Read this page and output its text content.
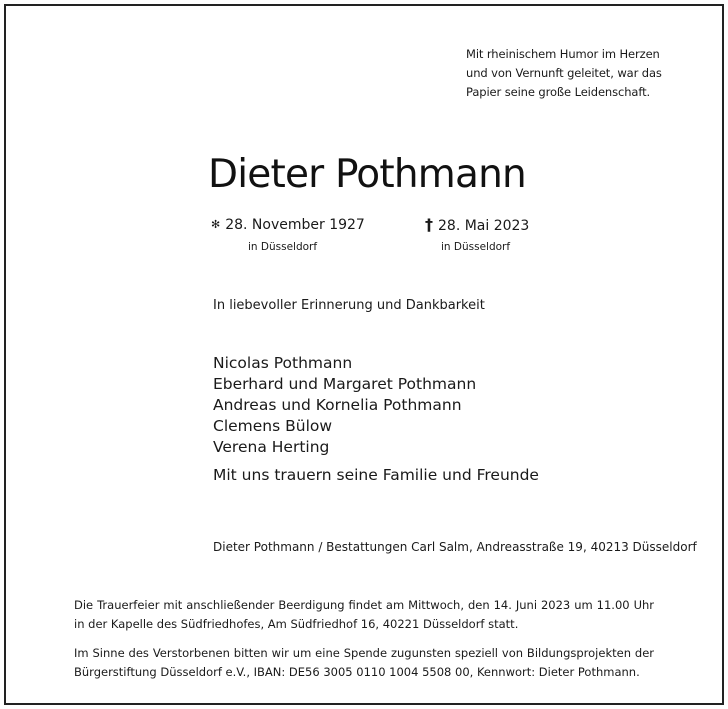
Mit rheinischem Humor im Herzen
und von Vernunft geleitet, war das
Papier seine große Leidenschaft.
Dieter Pothmann
✻ 28. November 1927	† 28. Mai 2023
in Düsseldorf	in Düsseldorf
In liebevoller Erinnerung und Dankbarkeit
Nicolas Pothmann
Eberhard und Margaret Pothmann
Andreas und Kornelia Pothmann
Clemens Bülow
Verena Herting
Mit uns trauern seine Familie und Freunde
Dieter Pothmann / Bestattungen Carl Salm, Andreasstraße 19, 40213 Düsseldorf
Die Trauerfeier mit anschließender Beerdigung findet am Mittwoch, den 14. Juni 2023 um 11.00 Uhr in der Kapelle des Südfriedhofes, Am Südfriedhof 16, 40221 Düsseldorf statt.
Im Sinne des Verstorbenen bitten wir um eine Spende zugunsten speziell von Bildungsprojekten der Bürgerstiftung Düsseldorf e.V., IBAN: DE56 3005 0110 1004 5508 00, Kennwort: Dieter Pothmann.
